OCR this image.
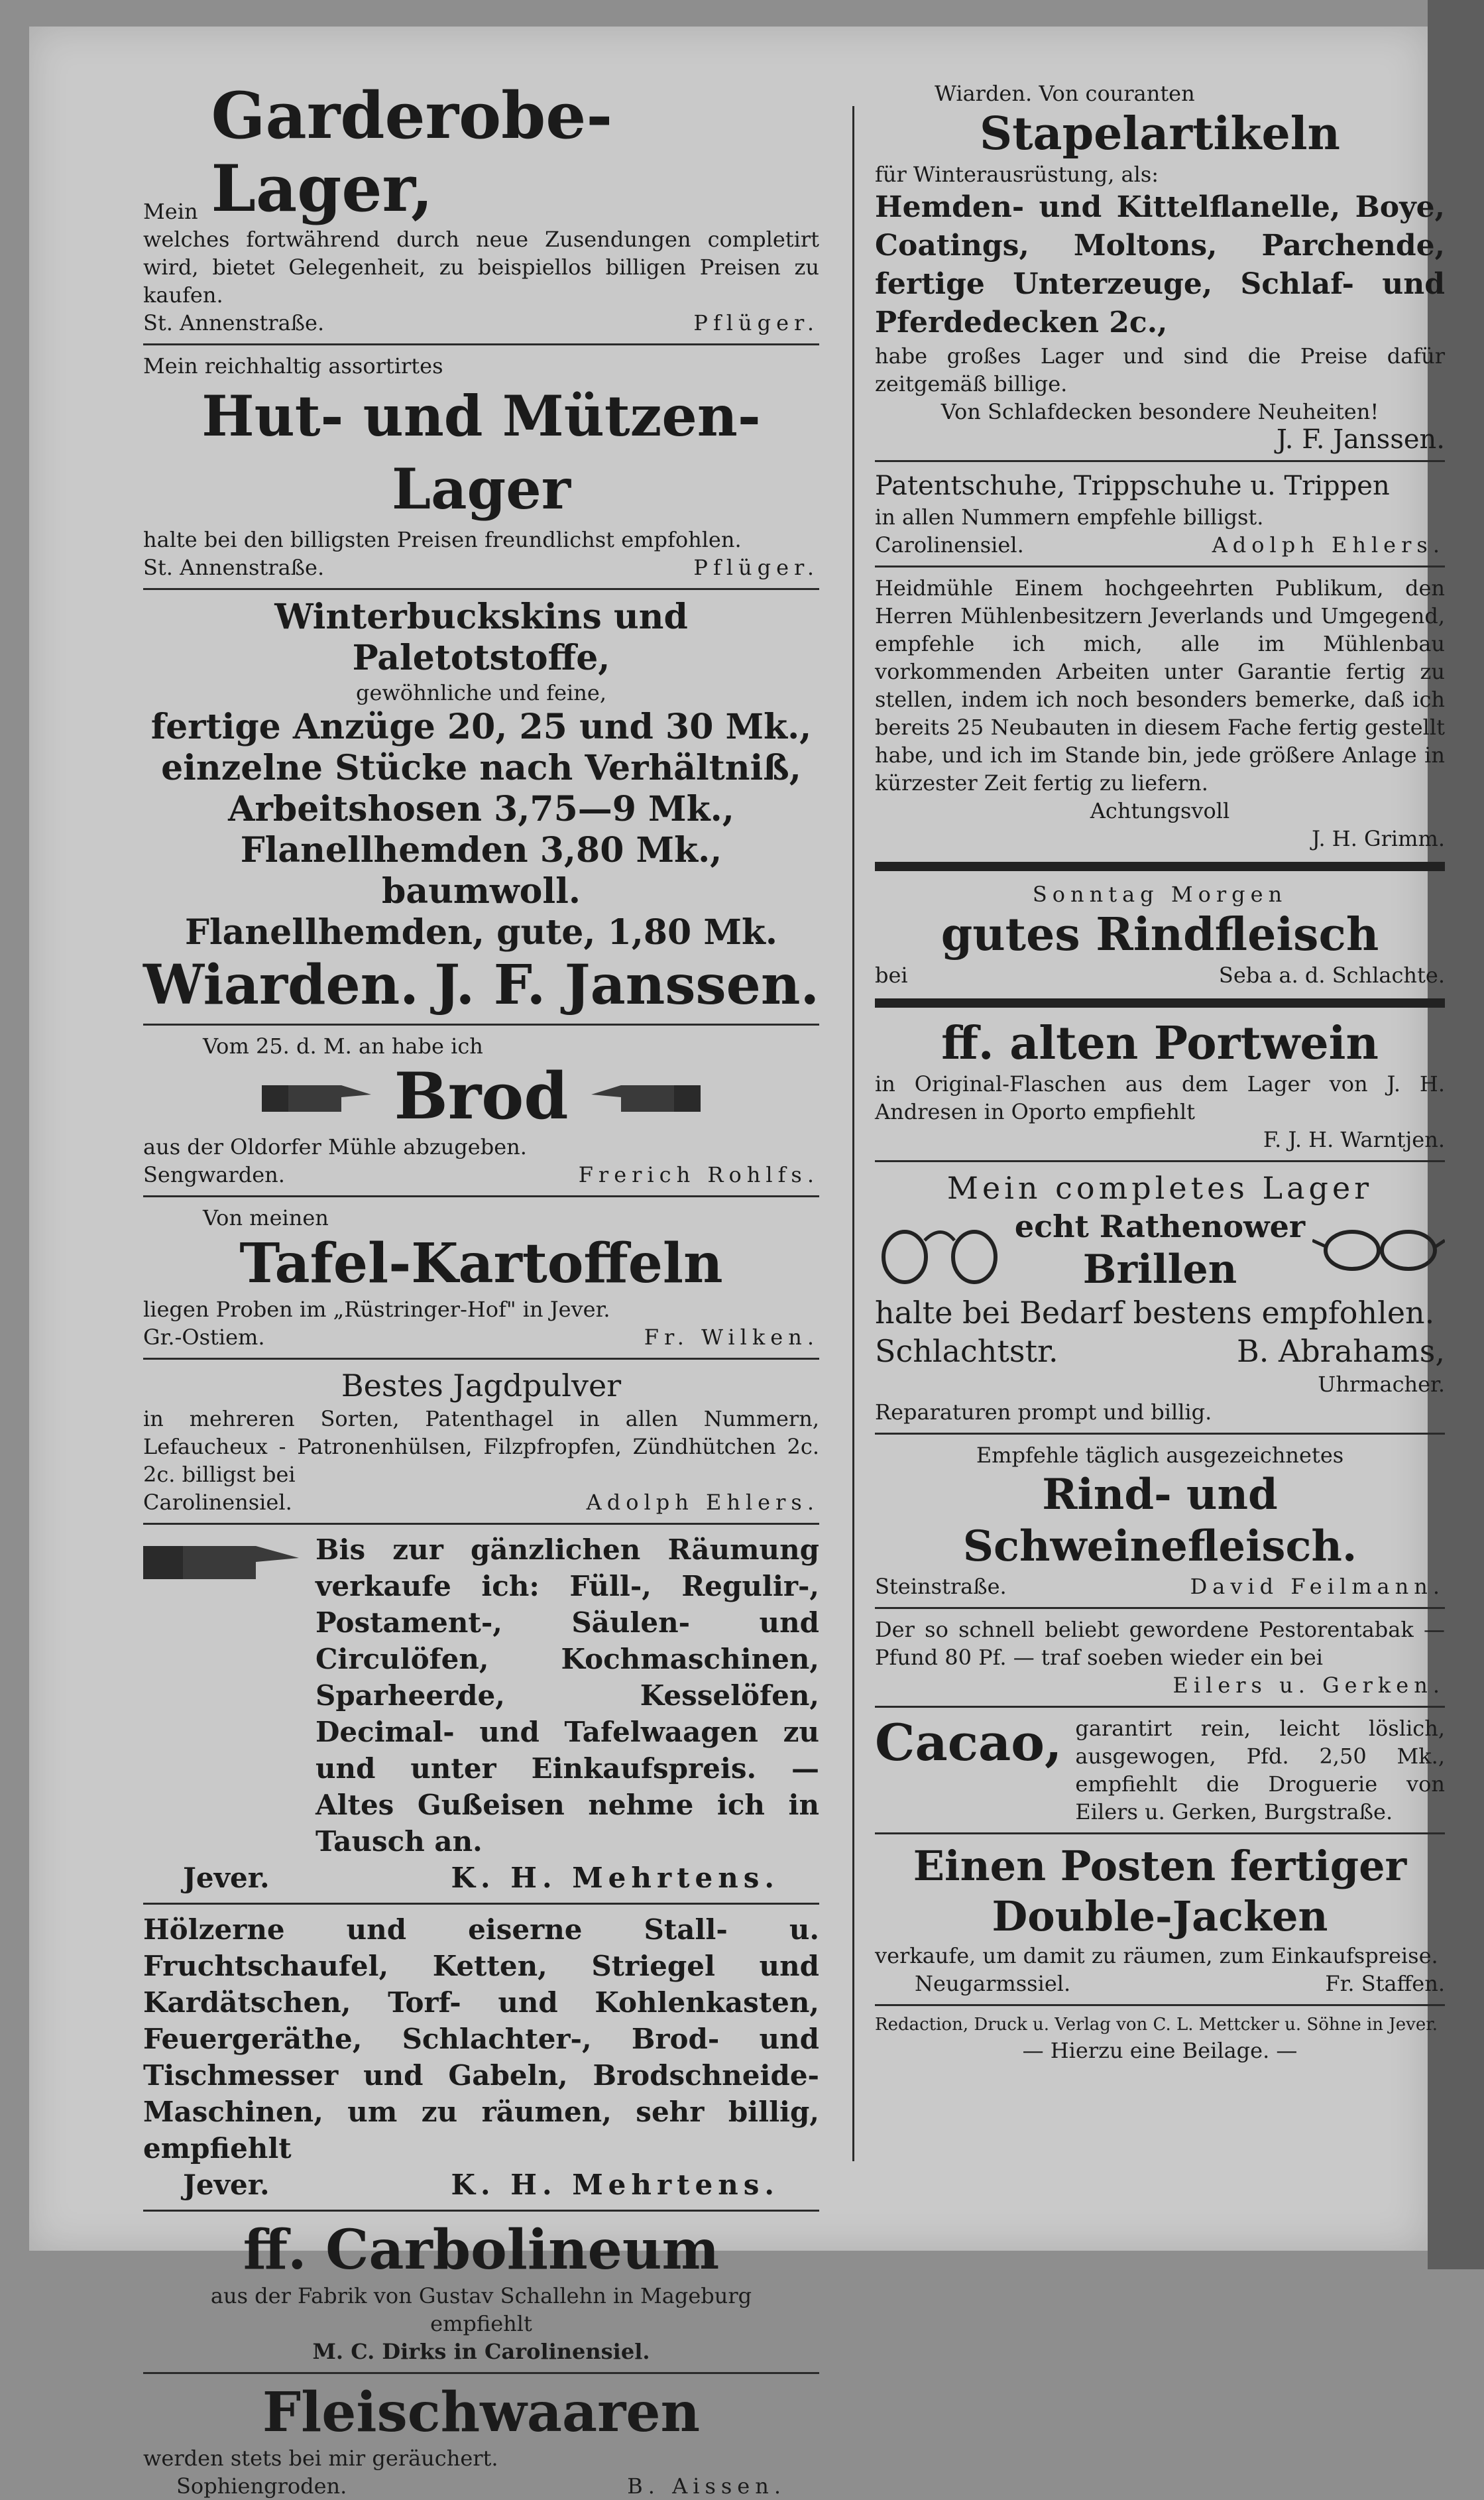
Mein
Garderobe-Lager,
welches fortwährend durch neue Zusendungen completirt wird, bietet Gelegenheit, zu beispiellos billigen Preisen zu kaufen.
St. Annenstraße.	Pflüger.
Mein reichhaltig assortirtes
Hut- und Mützen-Lager
halte bei den billigsten Preisen freundlichst empfohlen.
St. Annenstraße.	Pflüger.
Winterbuckskins und Paletotstoffe,
gewöhnliche und feine,
fertige Anzüge 20, 25 und 30 Mk.,
einzelne Stücke nach Verhältniß,
Arbeitshosen 3,75—9 Mk.,
Flanellhemden 3,80 Mk., baumwoll.
Flanellhemden, gute, 1,80 Mk.
Wiarden. J. F. Janssen.
Vom 25. d. M. an habe ich
Brod
aus der Oldorfer Mühle abzugeben.
Sengwarden.	Frerich Rohlfs.
Von meinen
Tafel-Kartoffeln
liegen Proben im „Rüstringer-Hof" in Jever.
Gr.-Ostiem.	Fr. Wilken.
Bestes Jagdpulver
in mehreren Sorten, Patenthagel in allen Nummern, Lefaucheux - Patronenhülsen, Filzpfropfen, Zündhütchen 2c. 2c. billigst bei
Carolinensiel.	Adolph Ehlers.
Bis zur gänzlichen Räumung verkaufe ich: Füll-, Regulir-, Postament-, Säulen- und Circulöfen, Kochmaschinen, Sparheerde, Kesselöfen, Decimal- und Tafelwaagen zu und unter Einkaufspreis. — Altes Gußeisen nehme ich in Tausch an.
Jever.	K. H. Mehrtens.
Hölzerne und eiserne Stall- u. Fruchtschaufel, Ketten, Striegel und Kardätschen, Torf- und Kohlenkasten, Feuergeräthe, Schlachter-, Brod- und Tischmesser und Gabeln, Brodschneide-Maschinen, um zu räumen, sehr billig, empfiehlt
Jever.	K. H. Mehrtens.
ff. Carbolineum
aus der Fabrik von Gustav Schallehn in Mageburg
empfiehlt
M. C. Dirks in Carolinensiel.
Fleischwaaren
werden stets bei mir geräuchert.
Sophiengroden.	B. Aissen.
Wiarden. Von couranten
Stapelartikeln
für Winterausrüstung, als:
Hemden- und Kittelflanelle, Boye, Coatings, Moltons, Parchende, fertige Unterzeuge, Schlaf- und Pferdedecken 2c.,
habe großes Lager und sind die Preise dafür zeitgemäß billige.
Von Schlafdecken besondere Neuheiten!
J. F. Janssen.
Patentschuhe, Trippschuhe u. Trippen
in allen Nummern empfehle billigst.
Carolinensiel.	Adolph Ehlers.
Heidmühle Einem hochgeehrten Publikum, den Herren Mühlenbesitzern Jeverlands und Umgegend, empfehle ich mich, alle im Mühlenbau vorkommenden Arbeiten unter Garantie fertig zu stellen, indem ich noch besonders bemerke, daß ich bereits 25 Neubauten in diesem Fache fertig gestellt habe, und ich im Stande bin, jede größere Anlage in kürzester Zeit fertig zu liefern.
Achtungsvoll
J. H. Grimm.
Sonntag Morgen
gutes Rindfleisch
bei	Seba a. d. Schlachte.
ff. alten Portwein
in Original-Flaschen aus dem Lager von J. H. Andresen in Oporto empfiehlt
F. J. H. Warntjen.
Mein completes Lager
echt Rathenower
Brillen
halte bei Bedarf bestens empfohlen.
Schlachtstr.	B. Abrahams,
Uhrmacher.
Reparaturen prompt und billig.
Empfehle täglich ausgezeichnetes
Rind- und Schweinefleisch.
Steinstraße.	David Feilmann.
Der so schnell beliebt gewordene Pestorentabak — Pfund 80 Pf. — traf soeben wieder ein bei
Eilers u. Gerken.
Cacao, garantirt rein, leicht löslich, ausgewogen, Pfd. 2,50 Mk., empfiehlt die Droguerie von Eilers u. Gerken, Burgstraße.
Einen Posten fertiger
Double-Jacken
verkaufe, um damit zu räumen, zum Einkaufspreise.
Neugarmssiel.	Fr. Staffen.
Redaction, Druck u. Verlag von C. L. Mettcker u. Söhne in Jever.
— Hierzu eine Beilage. —
